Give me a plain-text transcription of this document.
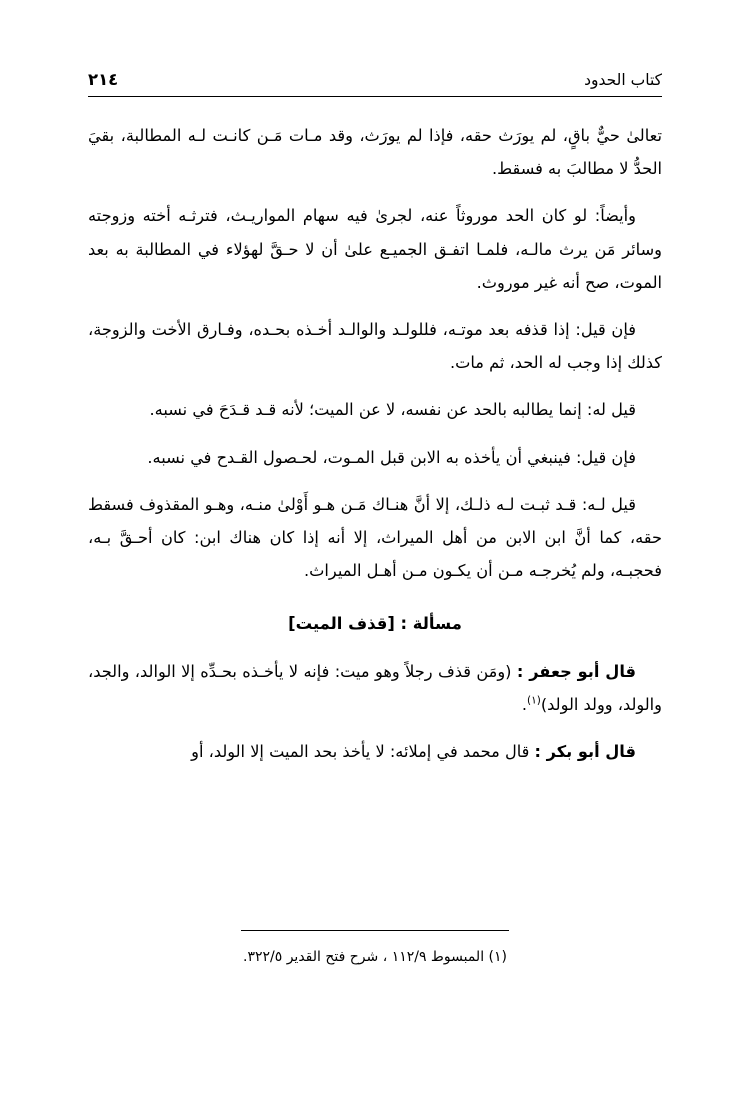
كتاب الحدود
٢١٤

تعالىٰ حيٌّ باقٍ، لم يورَث حقه، فإذا لم يورَث، وقد مـات مَـن كانـت لـه المطالبة، بقيَ الحدُّ لا مطالبَ به فسقط.

وأيضاً: لو كان الحد موروثاً عنه، لجرىٰ فيه سهام المواريـث، فترثـه أخته وزوجته وسائر مَن يرث مالـه، فلمـا اتفـق الجميـع علىٰ أن لا حـقَّ لهؤلاء في المطالبة به بعد الموت، صح أنه غير موروث.

فإن قيل: إذا قذفه بعد موتـه، فللولـد والوالـد أخـذه بحـده، وفـارق الأخت والزوجة، كذلك إذا وجب له الحد، ثم مات.

قيل له: إنما يطالبه بالحد عن نفسه، لا عن الميت؛ لأنه قـد قـدَحَ في نسبه.

فإن قيل: فينبغي أن يأخذه به الابن قبل المـوت، لحـصول القـدح في نسبه.

قيل لـه: قـد ثبـت لـه ذلـك، إلا أنَّ هنـاك مَـن هـو أَوْلىٰ منـه، وهـو المقذوف فسقط حقه، كما أنَّ ابن الابن من أهل الميراث، إلا أنه إذا كان هناك ابن: كان أحـقَّ بـه، فحجبـه، ولم يُخرجـه مـن أن يكـون مـن أهـل الميراث.

مسألة : [قذف الميت]

قال أبو جعفر : (ومَن قذف رجلاً وهو ميت: فإنه لا يأخـذه بحـدِّه إلا الوالد، والجد، والولد، وولد الولد)$^{(١)}$.

قال أبو بكر : قال محمد في إملائه: لا يأخذ بحد الميت إلا الولد، أو

(١) المبسوط ١١٢/٩ ، شرح فتح القدير ٣٢٢/٥.
